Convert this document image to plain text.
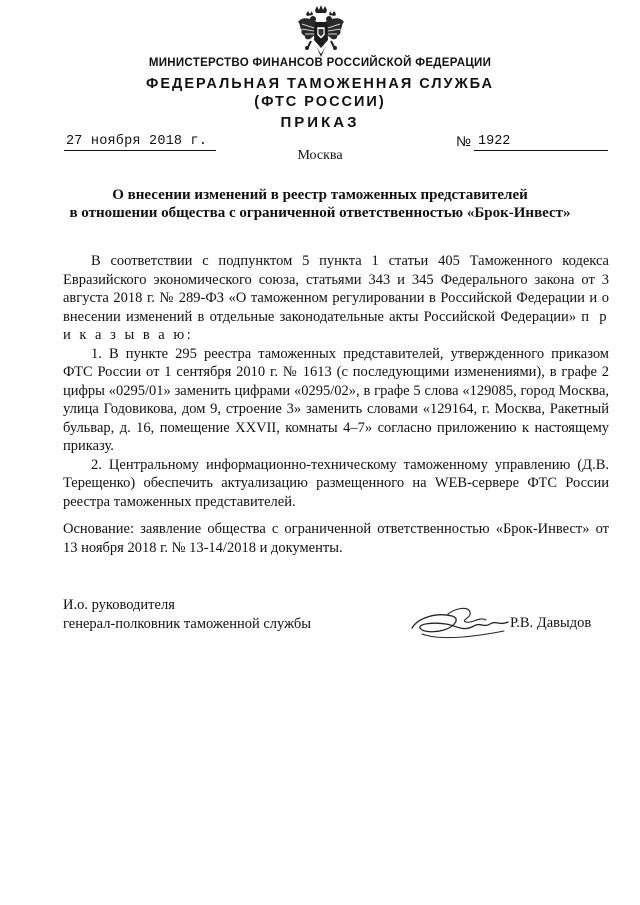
МИНИСТЕРСТВО ФИНАНСОВ РОССИЙСКОЙ ФЕДЕРАЦИИ
ФЕДЕРАЛЬНАЯ ТАМОЖЕННАЯ СЛУЖБА
(ФТС РОССИИ)
ПРИКАЗ
27 ноября 2018 г.	№ 1922
Москва
О внесении изменений в реестр таможенных представителей
в отношении общества с ограниченной ответственностью «Брок-Инвест»

В соответствии с подпунктом 5 пункта 1 статьи 405 Таможенного кодекса Евразийского экономического союза, статьями 343 и 345 Федерального закона от 3 августа 2018 г. № 289-ФЗ «О таможенном регулировании в Российской Федерации и о внесении изменений в отдельные законодательные акты Российской Федерации» п р и к а з ы в а ю:

1. В пункте 295 реестра таможенных представителей, утвержденного приказом ФТС России от 1 сентября 2010 г. № 1613 (с последующими изменениями), в графе 2 цифры «0295/01» заменить цифрами «0295/02», в графе 5 слова «129085, город Москва, улица Годовикова, дом 9, строение 3» заменить словами «129164, г. Москва, Ракетный бульвар, д. 16, помещение XXVII, комнаты 4–7» согласно приложению к настоящему приказу.

2. Центральному информационно-техническому таможенному управлению (Д.В. Терещенко) обеспечить актуализацию размещенного на WEB-сервере ФТС России реестра таможенных представителей.

Основание: заявление общества с ограниченной ответственностью «Брок-Инвест» от 13 ноября 2018 г. № 13-14/2018 и документы.

И.о. руководителя
генерал-полковник таможенной службы	Р.В. Давыдов
